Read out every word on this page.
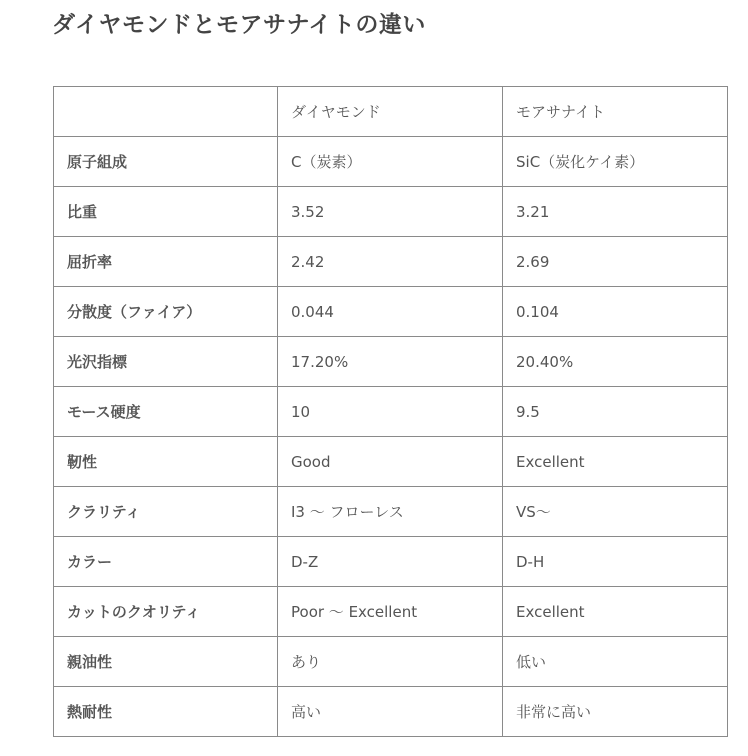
ダイヤモンドとモアサナイトの違い
	ダイヤモンド	モアサナイト
原子組成	C（炭素）	SiC（炭化ケイ素）
比重	3.52	3.21
屈折率	2.42	2.69
分散度（ファイア）	0.044	0.104
光沢指標	17.20%	20.40%
モース硬度	10	9.5
靭性	Good	Excellent
クラリティ	I3 ～ フローレス	VS～
カラー	D-Z	D-H
カットのクオリティ	Poor ～ Excellent	Excellent
親油性	あり	低い
熱耐性	高い	非常に高い
